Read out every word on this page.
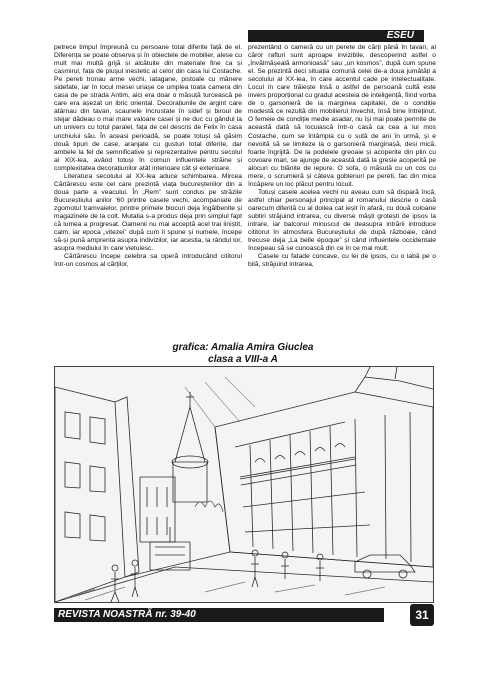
ESEU

petrece timpul împreună cu persoane total diferite față de el. Diferența se poate observa și în obiectele de mobilier, alese cu mult mai multă grijă și alcătuite din materiale fine ca și casmirul, fața de plușul inestetic al celor din casa lui Costache. Pe pereti tronau arme vechi, iatagane, pistoale cu mânere sidefate, iar în locul mesei uriașe ce umplea toata camera din casa de pe strada Antim, aici era doar o măsuță turcească pe care era așezat un ibric oriental. Decorațiunile de argint care atârnau din tavan, scaunele încrustate în sidef și biroul de stejar dădeau o mai mare valoare casei și ne duc cu gândul la un univers cu totul paralel, fața de cel descris de Felix în casa unchiului său. În aceasi perioadă, se poate totuși să găsim două tipuri de case, aranjate cu gusturi total diferite, dar ambele la fel de semnificative și reprezentative pentru secolul al XIX-lea, având totuși în comun influentele străine și complexitatea decorațiunilor atât interioare cât și exterioare.

Literatura secolului al XX-lea aduce schimbarea. Mircea Cărtărescu este cel care prezintă viața bucureștenilor din a doua parte a veacului. În „Rem” sunt condus pe străzile Bucureștiului anilor ’60 printre casele vechi, acompaniate de zgomotul tramvaielor, printre primele blocuri deja îngălbenite și magazinele de la colt. Mutatia s-a produs deja prin simplul fapt că lumea a progresat. Oamenii nu mai acceptă acel trai liniștit, calm, iar epoca „vitezei” după cum îi spune și numele, începe să-și pună amprenta asupra indivizilor, iar acestia, la rândul lor, asupra mediului în care vietuiesc.

Cărtărescu începe celebra sa operă introducând cititorul într-un cosmos al cărților,

prezentând o cameră cu un perete de cărți până în tavan, al căror rafturi sunt aproape invizibile, descoperind astfel o „învălmășeală armonioasă” sau „un kosmos”, după cum spune el. Se prezintă deci situația comună celei de-a doua jumătăți a secolului al XX-lea, în care accentul cade pe intelectualitate. Locul în care trăiește Insă o astfel de persoană cultă este invers proporțional cu gradul acesteia de inteligență, fiind vorba de o garsonieră de la marginea capitalei, de o condiție modestă ce rezultă din mobilierul învechit, însă bine întreținut. O femeie de condiție medie asadar, nu își mai poate permite de această dată să locuiască într-o casă ca cea a lui mos Costache, cum se întâmpla cu o sută de ani în urmă, și e nevoită să se limiteze la o garsonieră marginașă, desi mică, foarte îngrijită. De la podelele greoaie și acoperite din plin cu covoare mari, se ajunge de această dată la gresie acoperită pe alocuri cu blănite de iepure. O sofa, o măsută cu un cos cu mere, o scrumieră și câteva goblenuri pe pereti, fac din mica încăpere un loc plăcut pentru locuit.

Totuși casele acelea vechi nu aveau cum să dispară încă, astfel chiar personajul principal al romanului descrie o casă oarecum diferită cu al doilea cat ieșit în afară, cu două coloane subtiri străjuind intrarea, cu diverse măști grotești de ipsos la intrare, iar balconul minuscul de deasupra intrării introduce cititorul în atmosfera Bucureștiului de după războaie, când trecuse deja „La belle époque” și când influentele occidentale începeau să se cunoască din ce în ce mai mult.

Casele cu fatade concave, cu lei de ipsos, cu o labă pe o bilă, străjuind intrarea,

grafica: Amalia Amira Giuclea
clasa a VIII-a A
REVISTA NOASTRĂ nr. 39-40	31
